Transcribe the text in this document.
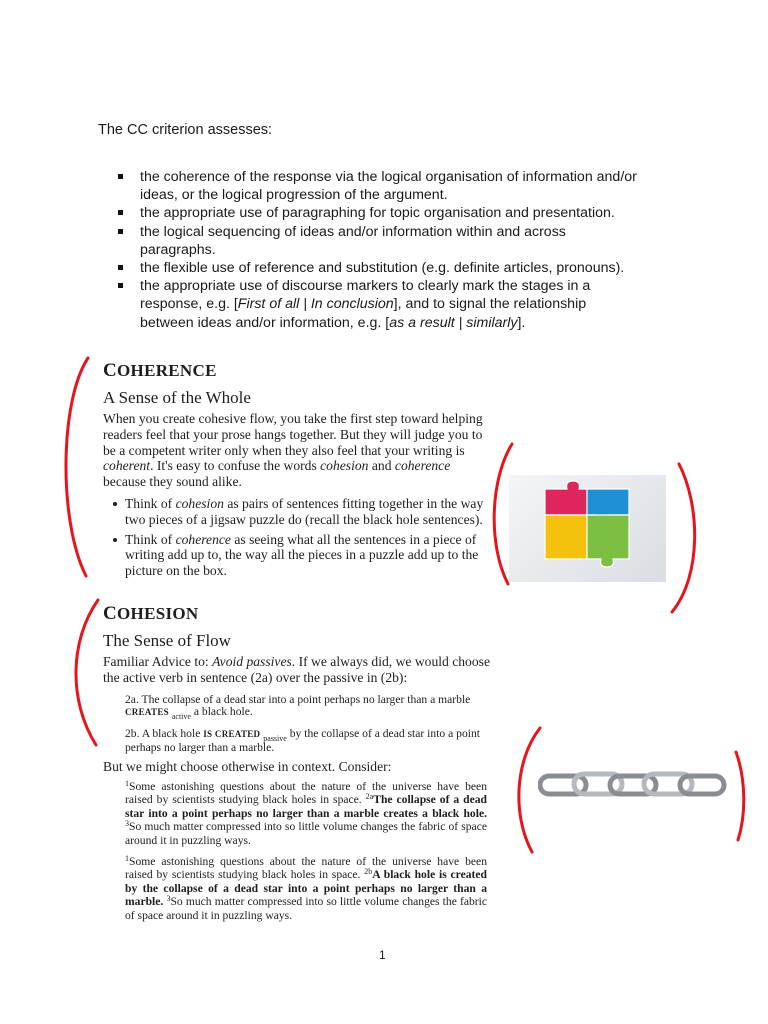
The CC criterion assesses:
the coherence of the response via the logical organisation of information and/or ideas, or the logical progression of the argument.
the appropriate use of paragraphing for topic organisation and presentation.
the logical sequencing of ideas and/or information within and across paragraphs.
the flexible use of reference and substitution (e.g. definite articles, pronouns).
the appropriate use of discourse markers to clearly mark the stages in a response, e.g. [First of all | In conclusion], and to signal the relationship between ideas and/or information, e.g. [as a result | similarly].
COHERENCE
A Sense of the Whole
When you create cohesive flow, you take the first step toward helping readers feel that your prose hangs together. But they will judge you to be a competent writer only when they also feel that your writing is coherent. It's easy to confuse the words cohesion and coherence because they sound alike.
Think of cohesion as pairs of sentences fitting together in the way two pieces of a jigsaw puzzle do (recall the black hole sentences).
Think of coherence as seeing what all the sentences in a piece of writing add up to, the way all the pieces in a puzzle add up to the picture on the box.
COHESION
The Sense of Flow
Familiar Advice to: Avoid passives. If we always did, we would choose the active verb in sentence (2a) over the passive in (2b):
2a. The collapse of a dead star into a point perhaps no larger than a marble CREATES $_{active}$ a black hole.
2b. A black hole IS CREATED $_{passive}$ by the collapse of a dead star into a point perhaps no larger than a marble.
But we might choose otherwise in context. Consider:
$^1$Some astonishing questions about the nature of the universe have been raised by scientists studying black holes in space. $^{2a}$The collapse of a dead star into a point perhaps no larger than a marble creates a black hole. $^3$So much matter compressed into so little volume changes the fabric of space around it in puzzling ways.
$^1$Some astonishing questions about the nature of the universe have been raised by scientists studying black holes in space. $^{2b}$A black hole is created by the collapse of a dead star into a point perhaps no larger than a marble. $^3$So much matter compressed into so little volume changes the fabric of space around it in puzzling ways.
1
